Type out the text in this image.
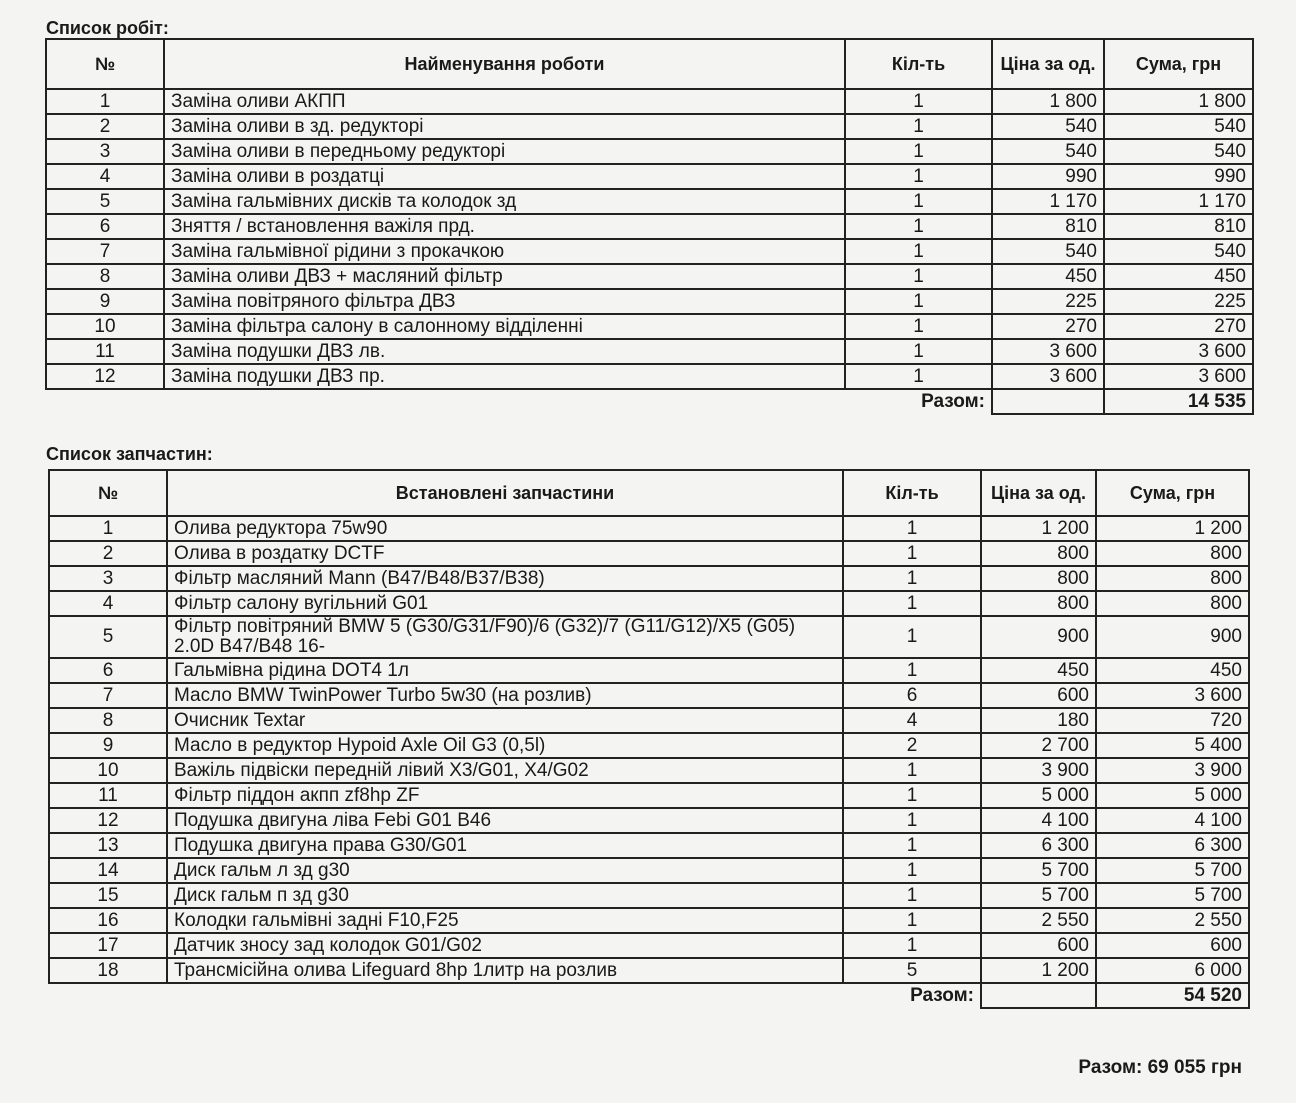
Список робіт:
№	Найменування роботи	Кіл-ть	Ціна за од.	Сума, грн
1	Заміна оливи АКПП	1	1 800	1 800
2	Заміна оливи в зд. редукторі	1	540	540
3	Заміна оливи в передньому редукторі	1	540	540
4	Заміна оливи в роздатці	1	990	990
5	Заміна гальмівних дисків та колодок зд	1	1 170	1 170
6	Зняття / встановлення важіля прд.	1	810	810
7	Заміна гальмівної рідини з прокачкою	1	540	540
8	Заміна оливи ДВЗ + масляний фільтр	1	450	450
9	Заміна повітряного фільтра ДВЗ	1	225	225
10	Заміна фільтра салону в салонному відділенні	1	270	270
11	Заміна подушки ДВЗ лв.	1	3 600	3 600
12	Заміна подушки ДВЗ пр.	1	3 600	3 600
		Разом:		14 535
Список запчастин:
№	Встановлені запчастини	Кіл-ть	Ціна за од.	Сума, грн
1	Олива редуктора 75w90	1	1 200	1 200
2	Олива в роздатку DCTF	1	800	800
3	Фільтр масляний Mann (B47/B48/B37/B38)	1	800	800
4	Фільтр салону вугільний G01	1	800	800
5	Фільтр повітряний BMW 5 (G30/G31/F90)/6 (G32)/7 (G11/G12)/X5 (G05) 2.0D B47/B48 16-	1	900	900
6	Гальмівна рідина DOT4 1л	1	450	450
7	Масло BMW TwinPower Turbo 5w30 (на розлив)	6	600	3 600
8	Очисник Textar	4	180	720
9	Масло в редуктор Hypoid Axle Oil G3 (0,5l)	2	2 700	5 400
10	Важіль підвіски передній лівий X3/G01, X4/G02	1	3 900	3 900
11	Фільтр піддон акпп zf8hp ZF	1	5 000	5 000
12	Подушка двигуна ліва Febi G01 B46	1	4 100	4 100
13	Подушка двигуна права G30/G01	1	6 300	6 300
14	Диск гальм л зд g30	1	5 700	5 700
15	Диск гальм п зд g30	1	5 700	5 700
16	Колодки гальмівні задні F10,F25	1	2 550	2 550
17	Датчик зносу зад колодок G01/G02	1	600	600
18	Трансмісійна олива Lifeguard 8hp 1литр на розлив	5	1 200	6 000
		Разом:		54 520
Разом: 69 055 грн
